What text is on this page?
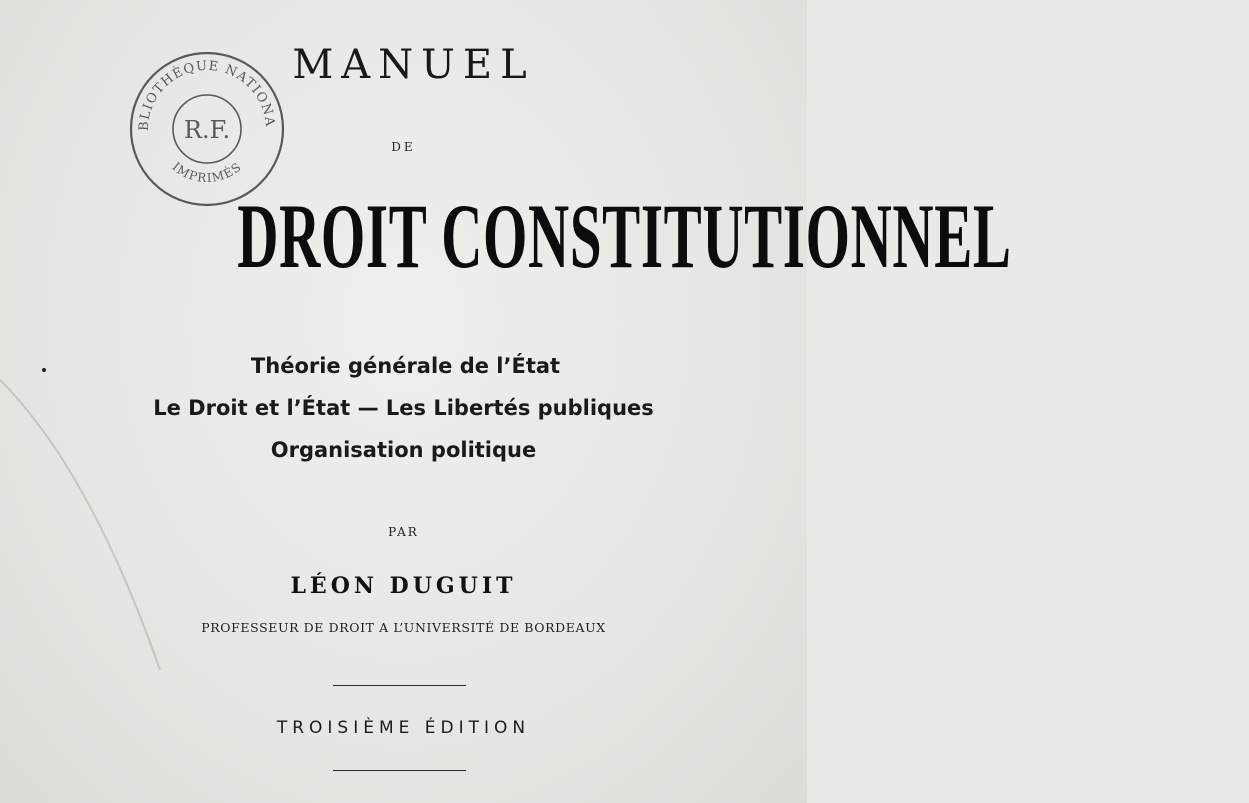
BLIOTHÈQUE NATIONA
R.F.
IMPRIMÉS
MANUEL
DE
DROIT CONSTITUTIONNEL
Théorie générale de l’État
Le Droit et l’État — Les Libertés publiques
Organisation politique
PAR
LÉON DUGUIT
PROFESSEUR DE DROIT A L’UNIVERSITÉ DE BORDEAUX
TROISIÈME ÉDITION
